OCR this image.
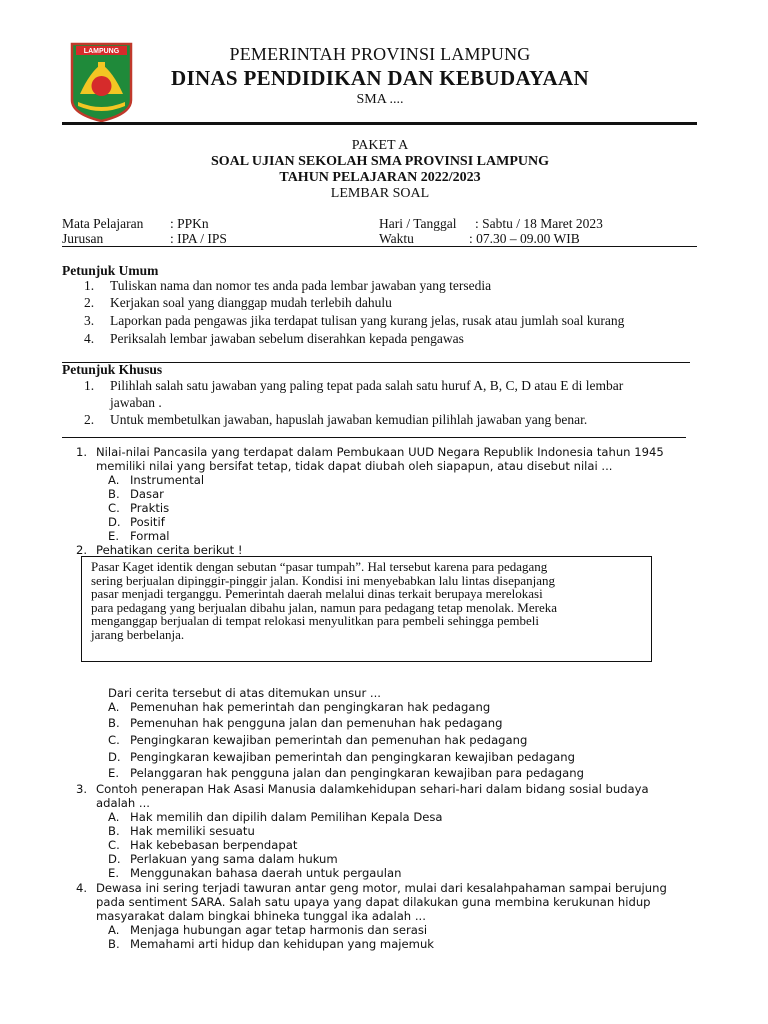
LAMPUNG	PEMERINTAH PROVINSI LAMPUNG
DINAS PENDIDIKAN DAN KEBUDAYAAN
SMA ....
PAKET A
SOAL UJIAN SEKOLAH SMA PROVINSI LAMPUNG
TAHUN PELAJARAN 2022/2023
LEMBAR SOAL
Mata Pelajaran : PPKn
Jurusan	: IPA / IPS
Hari / Tanggal : Sabtu / 18 Maret 2023
Waktu	: 07.30 – 09.00 WIB
Petunjuk Umum
1. Tuliskan nama dan nomor tes anda pada lembar jawaban yang tersedia
2. Kerjakan soal yang dianggap mudah terlebih dahulu
3. Laporkan pada pengawas jika terdapat tulisan yang kurang jelas, rusak atau jumlah soal kurang
4. Periksalah lembar jawaban sebelum diserahkan kepada pengawas
Petunjuk Khusus
1. Pilihlah salah satu jawaban yang paling tepat pada salah satu huruf A, B, C, D atau E di lembar
jawaban .
2. Untuk membetulkan jawaban, hapuslah jawaban kemudian pilihlah jawaban yang benar.
1. Nilai-nilai Pancasila yang terdapat dalam Pembukaan UUD Negara Republik Indonesia tahun 1945
memiliki nilai yang bersifat tetap, tidak dapat diubah oleh siapapun, atau disebut nilai ...
A. Instrumental
B. Dasar
C. Praktis
D. Positif
E. Formal
2. Pehatikan cerita berikut !
Pasar Kaget identik dengan sebutan “pasar tumpah”. Hal tersebut karena para pedagang
sering berjualan dipinggir-pinggir jalan. Kondisi ini menyebabkan lalu lintas disepanjang
pasar menjadi terganggu. Pemerintah daerah melalui dinas terkait berupaya merelokasi
para pedagang yang berjualan dibahu jalan, namun para pedagang tetap menolak. Mereka
menganggap berjualan di tempat relokasi menyulitkan para pembeli sehingga pembeli
jarang berbelanja.
Dari cerita tersebut di atas ditemukan unsur ...
A. Pemenuhan hak pemerintah dan pengingkaran hak pedagang
B. Pemenuhan hak pengguna jalan dan pemenuhan hak pedagang
C. Pengingkaran kewajiban pemerintah dan pemenuhan hak pedagang
D. Pengingkaran kewajiban pemerintah dan pengingkaran kewajiban pedagang
E. Pelanggaran hak pengguna jalan dan pengingkaran kewajiban para pedagang
3. Contoh penerapan Hak Asasi Manusia dalamkehidupan sehari-hari dalam bidang sosial budaya
adalah ...
A. Hak memilih dan dipilih dalam Pemilihan Kepala Desa
B. Hak memiliki sesuatu
C. Hak kebebasan berpendapat
D. Perlakuan yang sama dalam hukum
E. Menggunakan bahasa daerah untuk pergaulan
4. Dewasa ini sering terjadi tawuran antar geng motor, mulai dari kesalahpahaman sampai berujung
pada sentiment SARA. Salah satu upaya yang dapat dilakukan guna membina kerukunan hidup
masyarakat dalam bingkai bhineka tunggal ika adalah ...
A. Menjaga hubungan agar tetap harmonis dan serasi
B. Memahami arti hidup dan kehidupan yang majemuk
